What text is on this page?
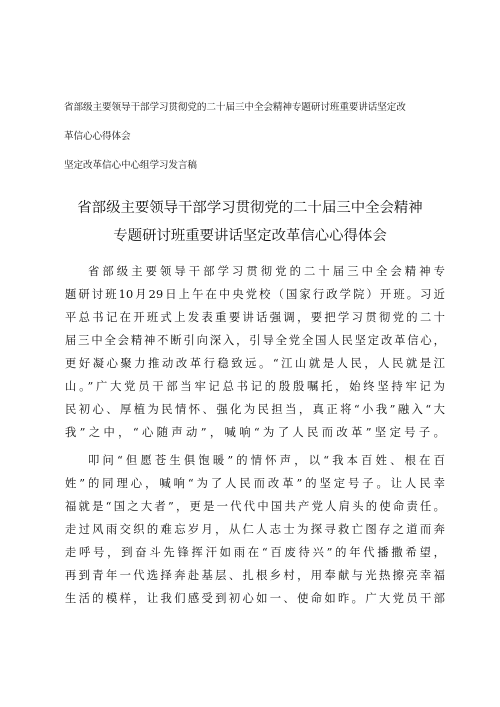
省部级主要领导干部学习贯彻党的二十届三中全会精神专题研讨班重要讲话坚定改
革信心心得体会
坚定改革信心中心组学习发言稿
省部级主要领导干部学习贯彻党的二十届三中全会精神
专题研讨班重要讲话坚定改革信心心得体会
省部级主要领导干部学习贯彻党的二十届三中全会精神专
题研讨班10月29日上午在中央党校（国家行政学院）开班。习近
平总书记在开班式上发表重要讲话强调，要把学习贯彻党的二十
届三中全会精神不断引向深入，引导全党全国人民坚定改革信心，
更好凝心聚力推动改革行稳致远。“江山就是人民，人民就是江
山。”广大党员干部当牢记总书记的殷殷嘱托，始终坚持牢记为
民初心、厚植为民情怀、强化为民担当，真正将“小我”融入“大
我”之中，“心随声动”，喊响“为了人民而改革”坚定号子。
叩问“但愿苍生俱饱暖”的情怀声，以“我本百姓、根在百
姓”的同理心，喊响“为了人民而改革”的坚定号子。让人民幸
福就是“国之大者”，更是一代代中国共产党人肩头的使命责任。
走过风雨交织的难忘岁月，从仁人志士为探寻救亡图存之道而奔
走呼号，到奋斗先锋挥汗如雨在“百废待兴”的年代播撒希望，
再到青年一代选择奔赴基层、扎根乡村，用奉献与光热擦亮幸福
生活的模样，让我们感受到初心如一、使命如昨。广大党员干部
